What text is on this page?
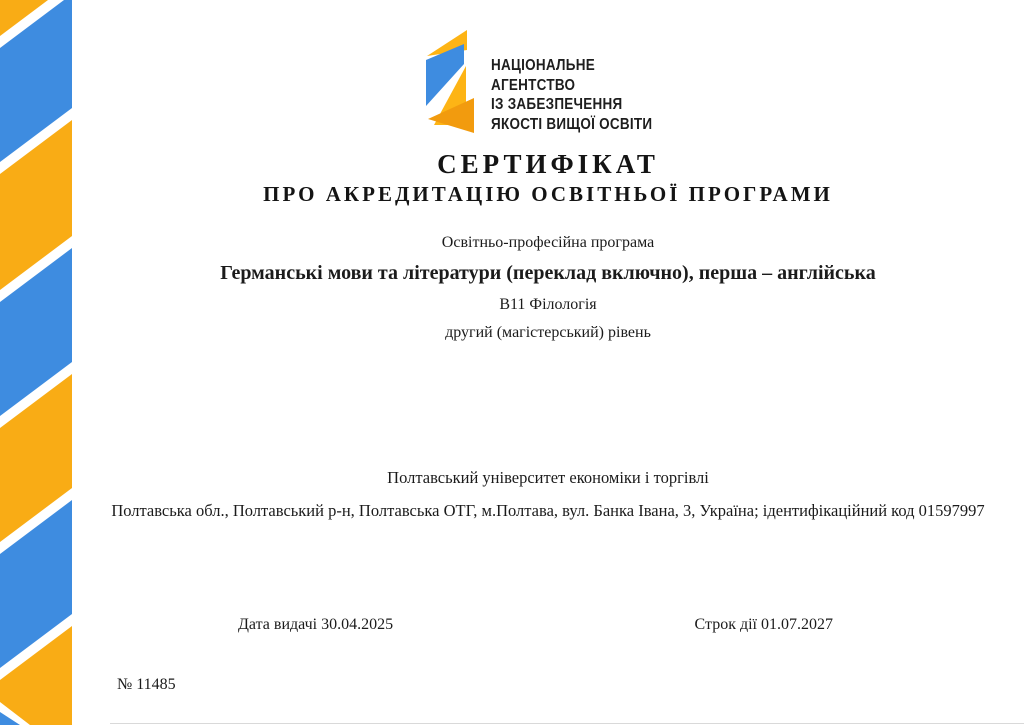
НАЦІОНАЛЬНЕ
АГЕНТСТВО
ІЗ ЗАБЕЗПЕЧЕННЯ
ЯКОСТІ ВИЩОЇ ОСВІТИ
СЕРТИФІКАТ
ПРО АКРЕДИТАЦІЮ ОСВІТНЬОЇ ПРОГРАМИ
Освітньо-професійна програма
Германські мови та літератури (переклад включно), перша – англійська
В11 Філологія
другий (магістерський) рівень
Полтавський університет економіки і торгівлі
Полтавська обл., Полтавський р-н, Полтавська ОТГ, м.Полтава, вул. Банка Івана, 3, Україна; ідентифікаційний код 01597997
Дата видачі 30.04.2025	Строк дії 01.07.2027
№ 11485
